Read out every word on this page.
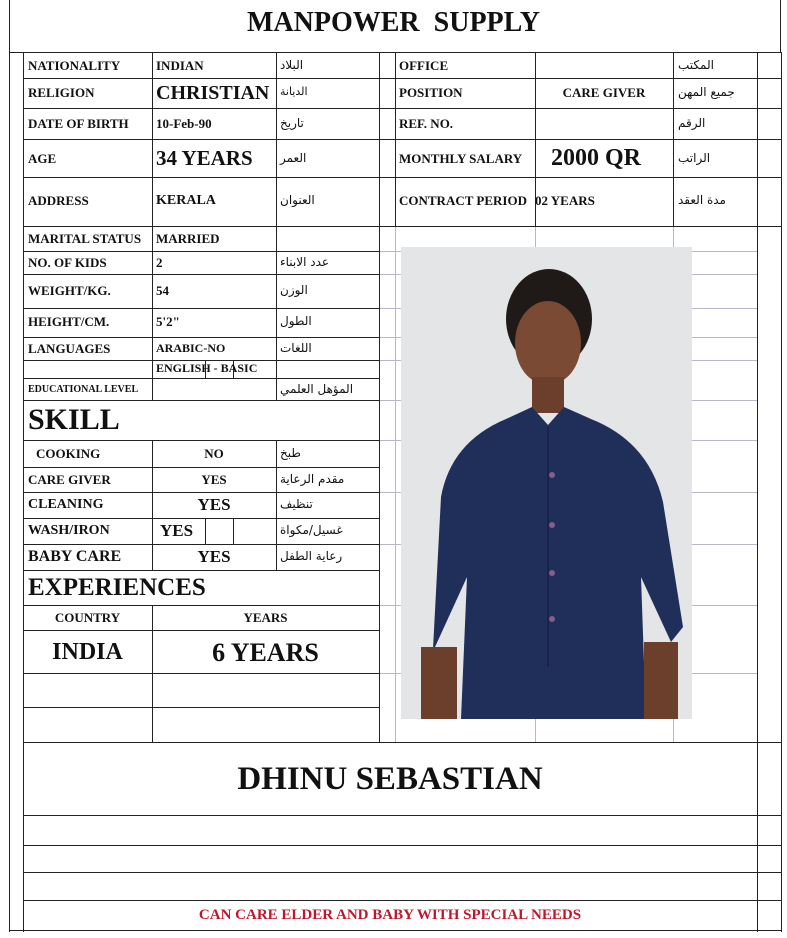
MANPOWER  SUPPLY
NATIONALITY	INDIAN	البلاد
RELIGION	CHRISTIAN الديانة
DATE OF BIRTH 10-Feb-90	تاريخ
AGE	34 YEARS العمر
ADDRESS	KERALA	العنوان
MARITAL STATUS MARRIED
NO. OF KIDS	2	عدد الابناء
WEIGHT/KG.	54	الوزن
HEIGHT/CM.	5'2"	الطول
LANGUAGES	ARABIC-NO	اللغات
ENGLISH - BASIC
EDUCATIONAL LEVEL	المؤهل العلمي
OFFICE	المكتب
POSITION	CARE GIVER	جميع المهن
REF. NO.	الرقم
MONTHLY SALARY 2000 QR	الراتب
CONTRACT PERIOD 02 YEARS	مدة العقد
SKILL
COOKING	NO	طبخ
CARE GIVER	YES	مقدم الرعاية
CLEANING	YES	تنظيف
WASH/IRON	YES	غسيل/مكواة
BABY CARE	YES	رعاية الطفل
EXPERIENCES
COUNTRY	YEARS
INDIA	6 YEARS
DHINU SEBASTIAN
CAN CARE ELDER AND BABY WITH SPECIAL NEEDS
